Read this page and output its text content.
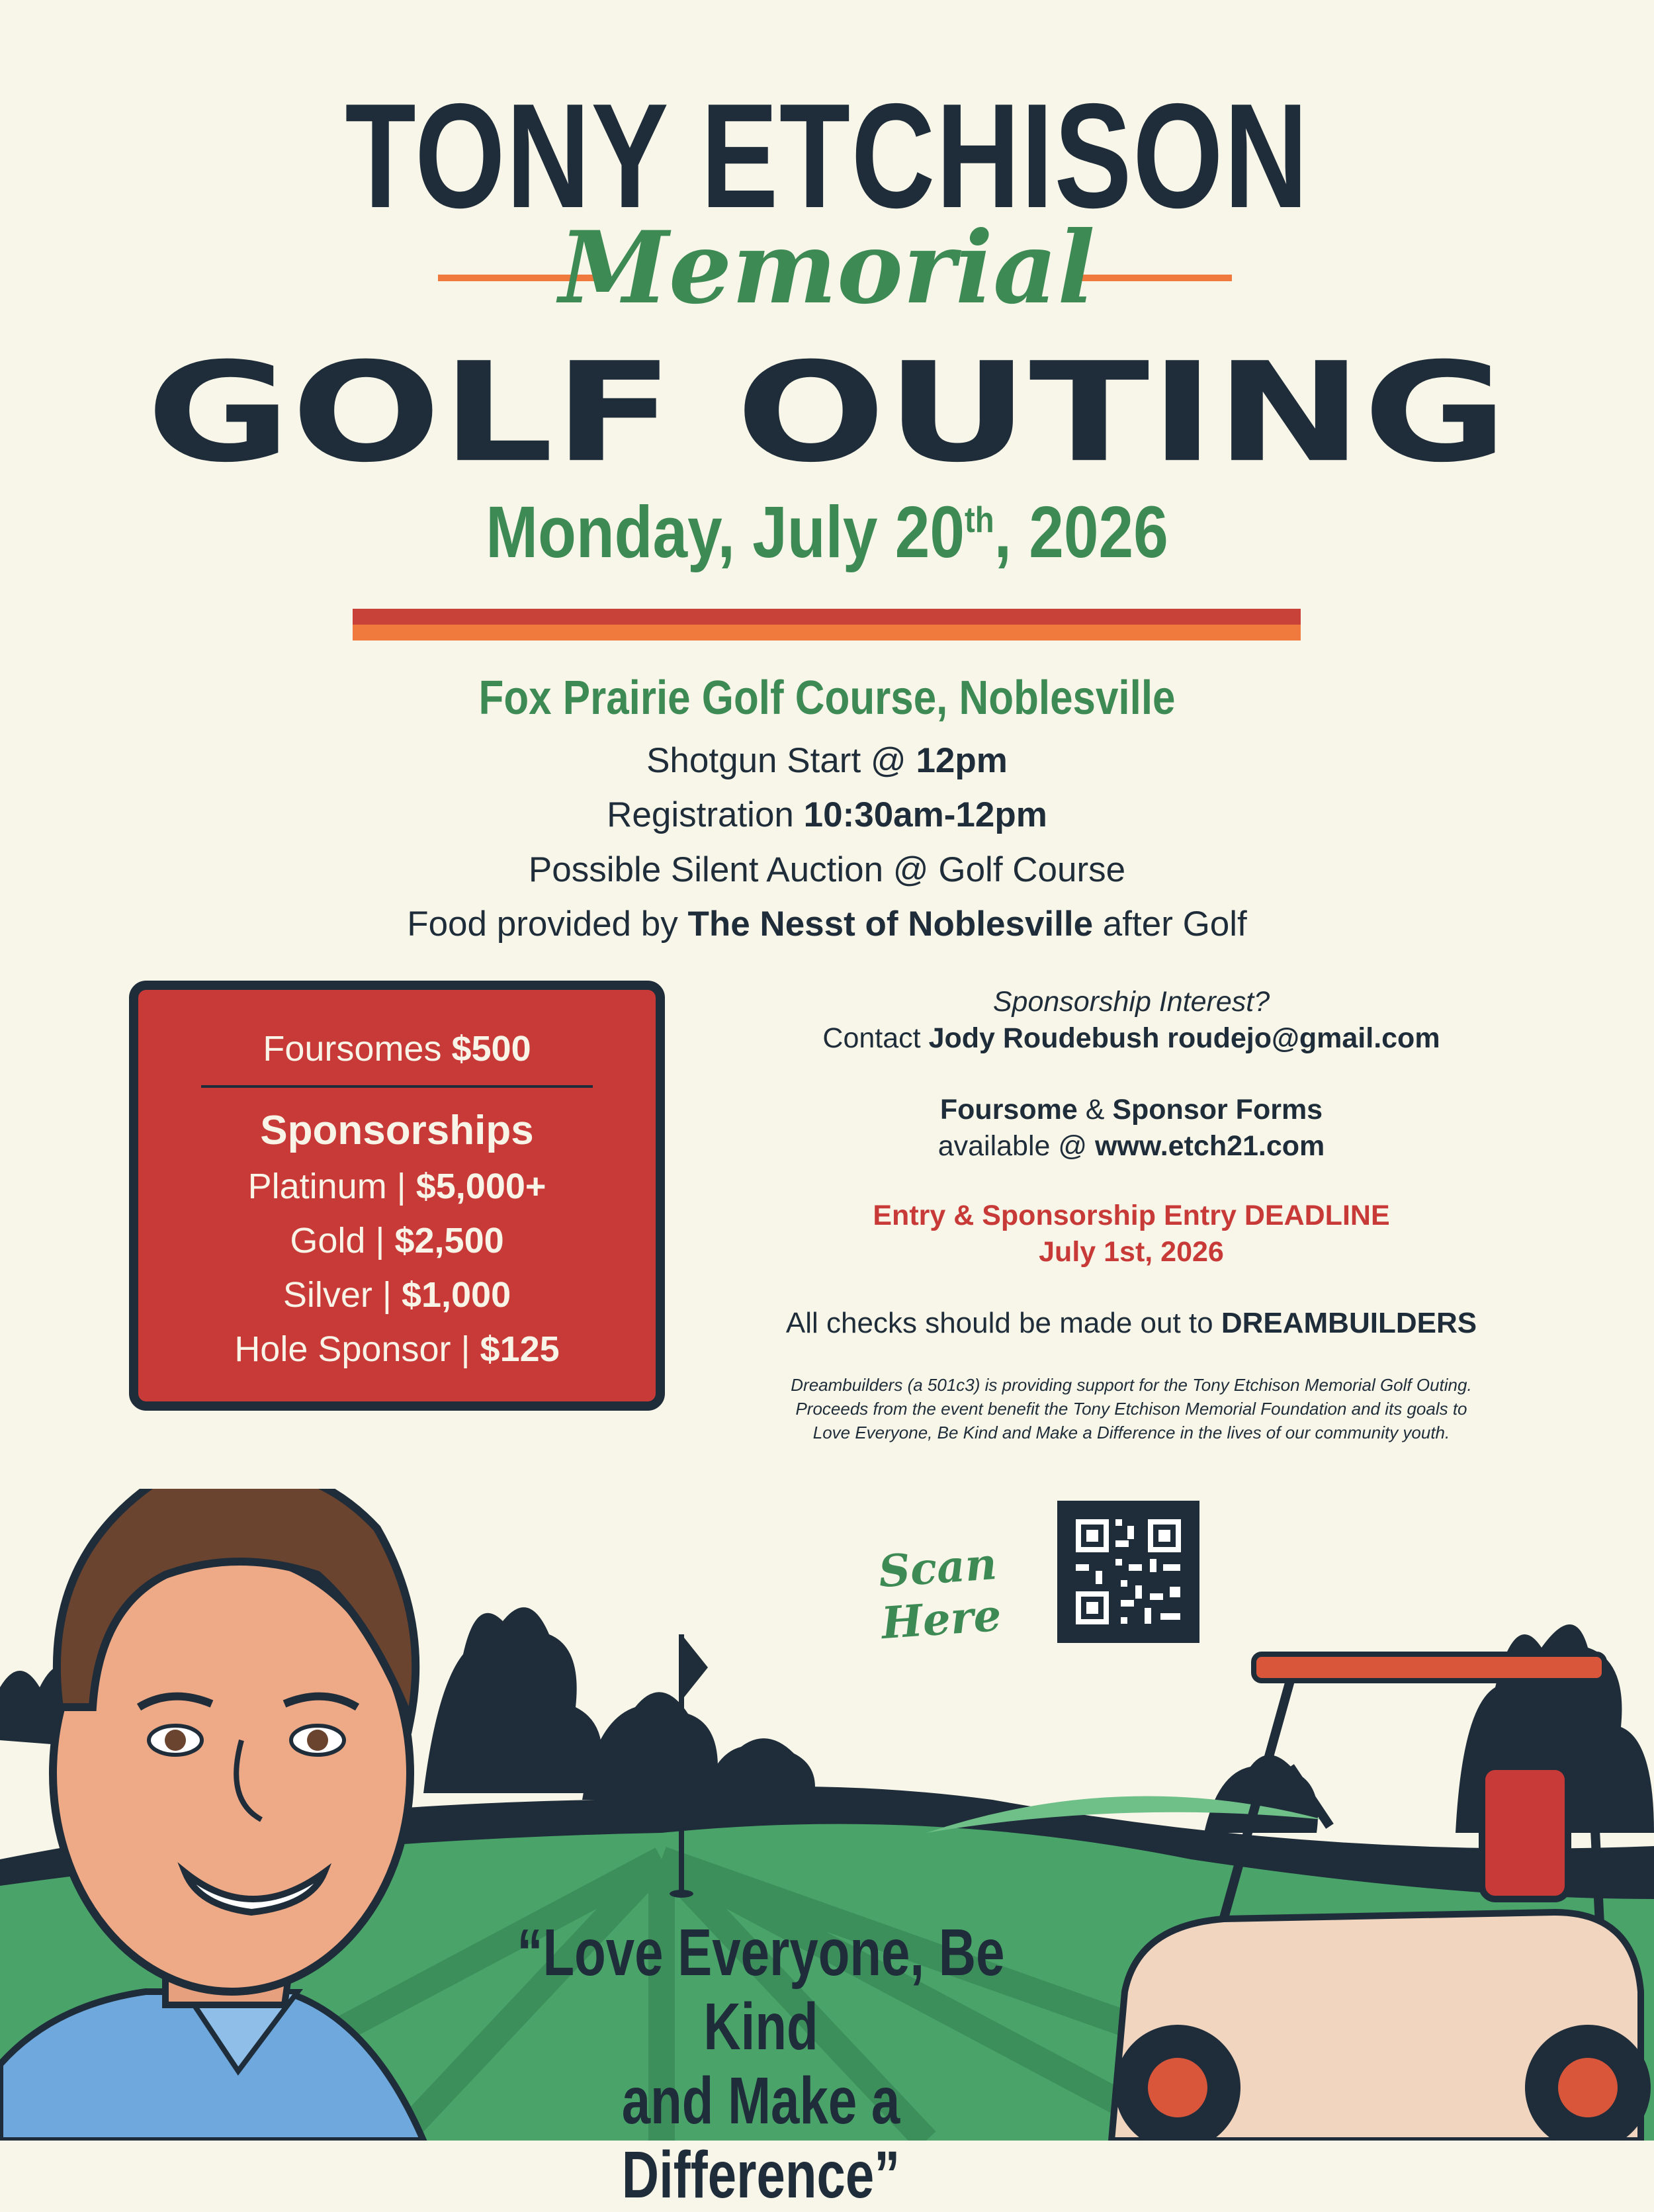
TONY ETCHISON
Memorial
GOLF OUTING
Monday, July 20th, 2026
Fox Prairie Golf Course, Noblesville
Shotgun Start @ 12pm
Registration 10:30am-12pm
Possible Silent Auction @ Golf Course
Food provided by The Nesst of Noblesville after Golf
Foursomes $500
Sponsorships
Platinum | $5,000+
Gold | $2,500
Silver | $1,000
Hole Sponsor | $125
Sponsorship Interest?
Contact Jody Roudebush roudejo@gmail.com
Foursome & Sponsor Forms
available @ www.etch21.com
Entry & Sponsorship Entry DEADLINE
July 1st, 2026
All checks should be made out to DREAMBUILDERS
Dreambuilders (a 501c3) is providing support for the Tony Etchison Memorial Golf Outing. Proceeds from the event benefit the Tony Etchison Memorial Foundation and its goals to Love Everyone, Be Kind and Make a Difference in the lives of our community youth.
Scan Here
“Love Everyone, Be Kind
and Make a Difference”
